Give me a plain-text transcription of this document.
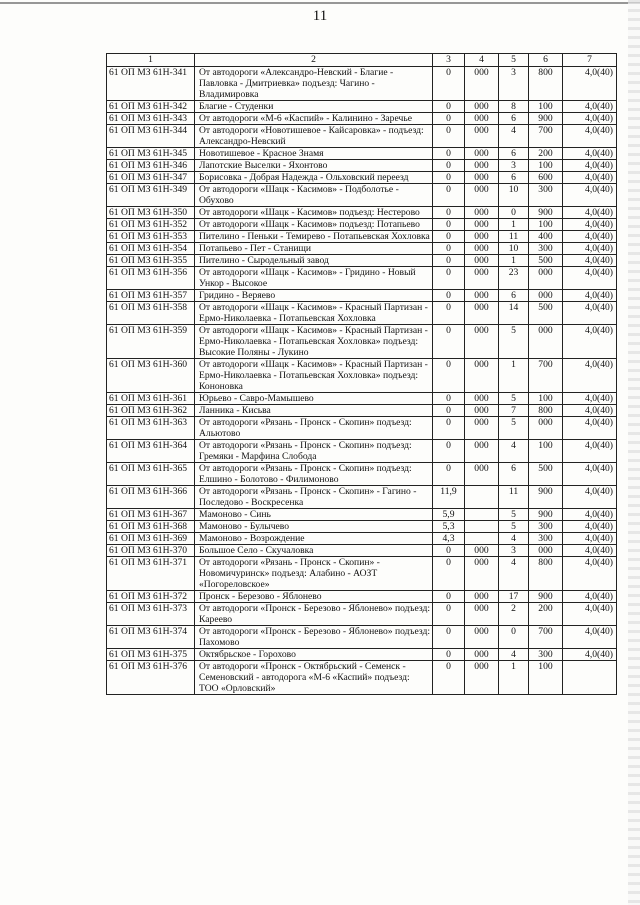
11
1	2	3	4	5	6	7
61 ОП МЗ 61Н-341	От автодороги «Александро-Невский - Благие - Павловка - Дмитриевка» подъезд: Чагино - Владимировка	0	000	3	800	4,0(40)
61 ОП МЗ 61Н-342	Благие - Студенки	0	000	8	100	4,0(40)
61 ОП МЗ 61Н-343	От автодороги «М-6 «Каспий» - Калинино - Заречье	0	000	6	900	4,0(40)
61 ОП МЗ 61Н-344	От автодороги «Новотишевое - Кайсаровка» - подъезд: Александро-Невский	0	000	4	700	4,0(40)
61 ОП МЗ 61Н-345	Новотишевое - Красное Знамя	0	000	6	200	4,0(40)
61 ОП МЗ 61Н-346	Лапотские Выселки - Яхонтово	0	000	3	100	4,0(40)
61 ОП МЗ 61Н-347	Борисовка - Добрая Надежда - Ольховский переезд	0	000	6	600	4,0(40)
61 ОП МЗ 61Н-349	От автодороги «Шацк - Касимов» - Подболотье - Обухово	0	000	10	300	4,0(40)
61 ОП МЗ 61Н-350	От автодороги «Шацк - Касимов» подъезд: Нестерово	0	000	0	900	4,0(40)
61 ОП МЗ 61Н-352	От автодороги «Шацк - Касимов» подъезд: Потапьево	0	000	1	100	4,0(40)
61 ОП МЗ 61Н-353	Пителино - Пеньки - Темирево - Потапьевская Хохловка	0	000	11	400	4,0(40)
61 ОП МЗ 61Н-354	Потапьево - Пет - Станищи	0	000	10	300	4,0(40)
61 ОП МЗ 61Н-355	Пителино - Сыродельный завод	0	000	1	500	4,0(40)
61 ОП МЗ 61Н-356	От автодороги «Шацк - Касимов» - Гридино - Новый Ункор - Высокое	0	000	23	000	4,0(40)
61 ОП МЗ 61Н-357	Гридино - Веряево	0	000	6	000	4,0(40)
61 ОП МЗ 61Н-358	От автодороги «Шацк - Касимов» - Красный Партизан - Ермо-Николаевка - Потапьевская Хохловка	0	000	14	500	4,0(40)
61 ОП МЗ 61Н-359	От автодороги «Шацк - Касимов» - Красный Партизан - Ермо-Николаевка - Потапьевская Хохловка» подъезд: Высокие Поляны - Лукино	0	000	5	000	4,0(40)
61 ОП МЗ 61Н-360	От автодороги «Шацк - Касимов» - Красный Партизан - Ермо-Николаевка - Потапьевская Хохловка» подъезд: Кононовка	0	000	1	700	4,0(40)
61 ОП МЗ 61Н-361	Юрьево - Савро-Мамышево	0	000	5	100	4,0(40)
61 ОП МЗ 61Н-362	Ланника - Кисьва	0	000	7	800	4,0(40)
61 ОП МЗ 61Н-363	От автодороги «Рязань - Пронск - Скопин» подъезд: Альютово	0	000	5	000	4,0(40)
61 ОП МЗ 61Н-364	От автодороги «Рязань - Пронск - Скопин» подъезд: Гремяки - Марфина Слобода	0	000	4	100	4,0(40)
61 ОП МЗ 61Н-365	От автодороги «Рязань - Пронск - Скопин» подъезд: Елшино - Болотово - Филимоново	0	000	6	500	4,0(40)
61 ОП МЗ 61Н-366	От автодороги «Рязань - Пронск - Скопин» - Гагино - Последово - Воскресенка	11,9		11	900	4,0(40)
61 ОП МЗ 61Н-367	Мамоново - Синь	5,9		5	900	4,0(40)
61 ОП МЗ 61Н-368	Мамоново - Булычево	5,3		5	300	4,0(40)
61 ОП МЗ 61Н-369	Мамоново - Возрождение	4,3		4	300	4,0(40)
61 ОП МЗ 61Н-370	Большое Село - Скучаловка	0	000	3	000	4,0(40)
61 ОП МЗ 61Н-371	От автодороги «Рязань - Пронск - Скопин» - Новомичуринск» подъезд: Алабино - АОЗТ «Погореловское»	0	000	4	800	4,0(40)
61 ОП МЗ 61Н-372	Пронск - Березово - Яблонево	0	000	17	900	4,0(40)
61 ОП МЗ 61Н-373	От автодороги «Пронск - Березово - Яблонево» подъезд: Кареево	0	000	2	200	4,0(40)
61 ОП МЗ 61Н-374	От автодороги «Пронск - Березово - Яблонево» подъезд: Пахомово	0	000	0	700	4,0(40)
61 ОП МЗ 61Н-375	Октябрьское - Горохово	0	000	4	300	4,0(40)
61 ОП МЗ 61Н-376	От автодороги «Пронск - Октябрьский - Семенск - Семеновский - автодорога «М-6 «Каспий» подъезд: ТОО «Орловский»	0	000	1	100	
